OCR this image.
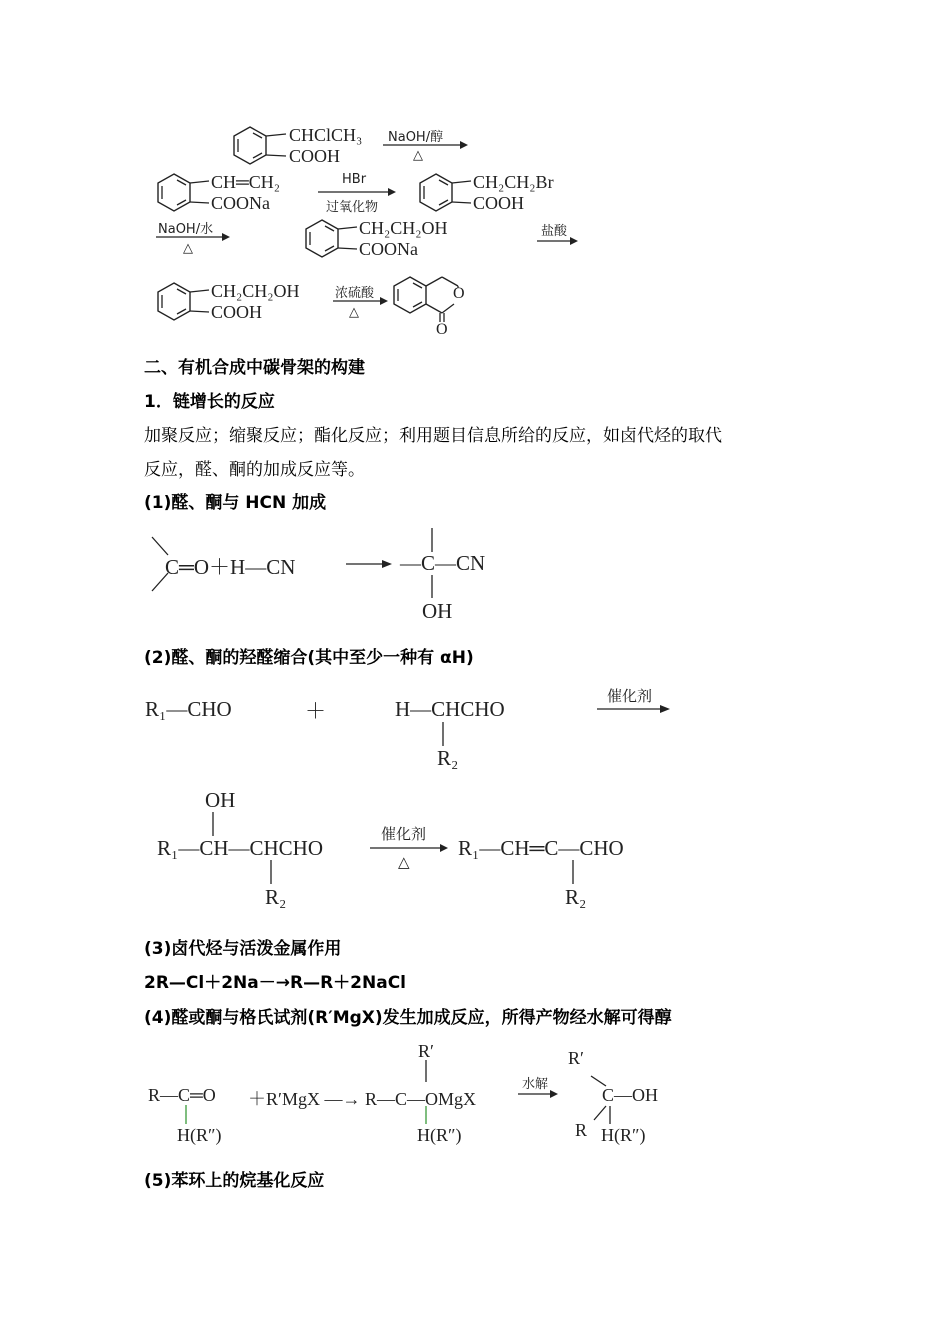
CHClCH₃
COOH
NaOH/醇
△
CH═CH₂
COONa
HBr
过氧化物
CH₂CH₂Br
COOH
NaOH/水
△
CH₂CH₂OH
COONa
盐酸
CH₂CH₂OH
COOH
浓硫酸
△
O
O
二、有机合成中碳骨架的构建
1．链增长的反应
加聚反应；缩聚反应；酯化反应；利用题目信息所给的反应，如卤代烃的取代
反应，醛、酮的加成反应等。
(1)醛、酮与 HCN 加成
C═O＋H—CN	—C—CN
OH
(2)醛、酮的羟醛缩合(其中至少一种有 αH)
R₁—CHO	＋	H—CHCHO
R₂
催化剂
OH
R₁—CH—CHCHO
R₂
催化剂
△
R₁—CH═C—CHO
R₂
(3)卤代烃与活泼金属作用
2R—Cl＋2Na－→R—R＋2NaCl
(4)醛或酮与格氏试剂(R′MgX)发生加成反应，所得产物经水解可得醇
R—C═O
H(R″)
＋R′MgX —→ R—C—OMgX
R′
H(R″)
水解
R′
C—OH
R H(R″)
(5)苯环上的烷基化反应
